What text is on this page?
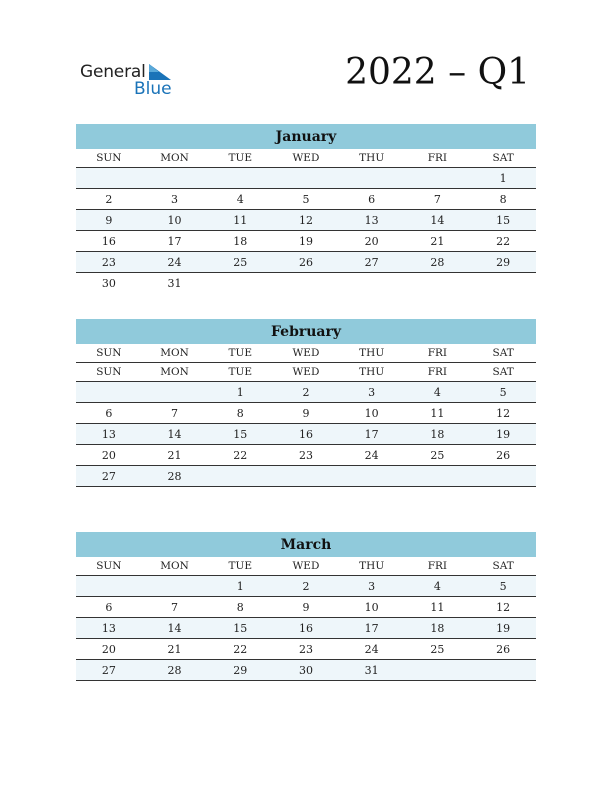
General
Blue	2022 – Q1
January
SUN	MON	TUE	WED	THU	FRI	SAT
						1
2	3	4	5	6	7	8
9	10	11	12	13	14	15
16	17	18	19	20	21	22
23	24	25	26	27	28	29
30	31					
February
SUN	MON	TUE	WED	THU	FRI	SAT
SUN	MON	TUE	WED	THU	FRI	SAT
		1	2	3	4	5
6	7	8	9	10	11	12
13	14	15	16	17	18	19
20	21	22	23	24	25	26
27	28					
March
SUN	MON	TUE	WED	THU	FRI	SAT
		1	2	3	4	5
6	7	8	9	10	11	12
13	14	15	16	17	18	19
20	21	22	23	24	25	26
27	28	29	30	31		
